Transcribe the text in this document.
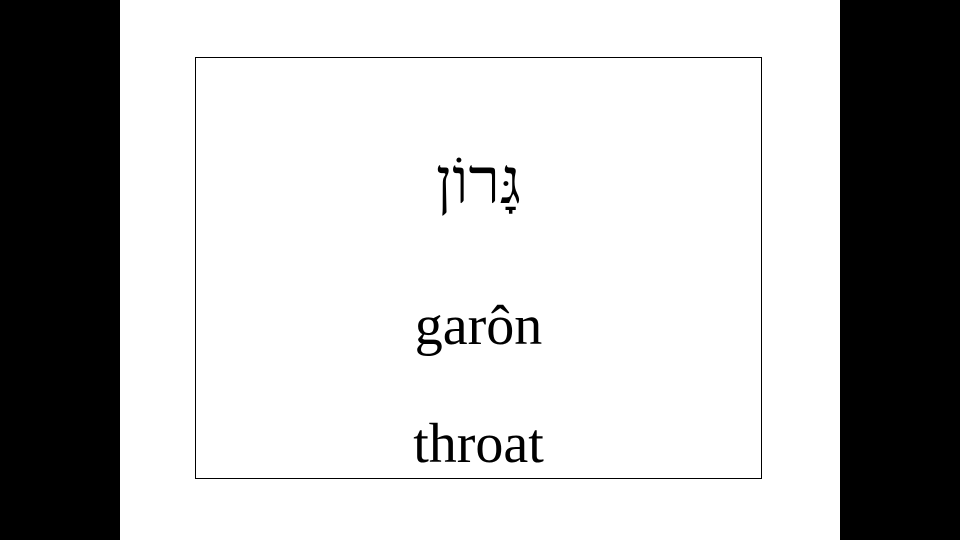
גָּרוֹן
garôn
throat
